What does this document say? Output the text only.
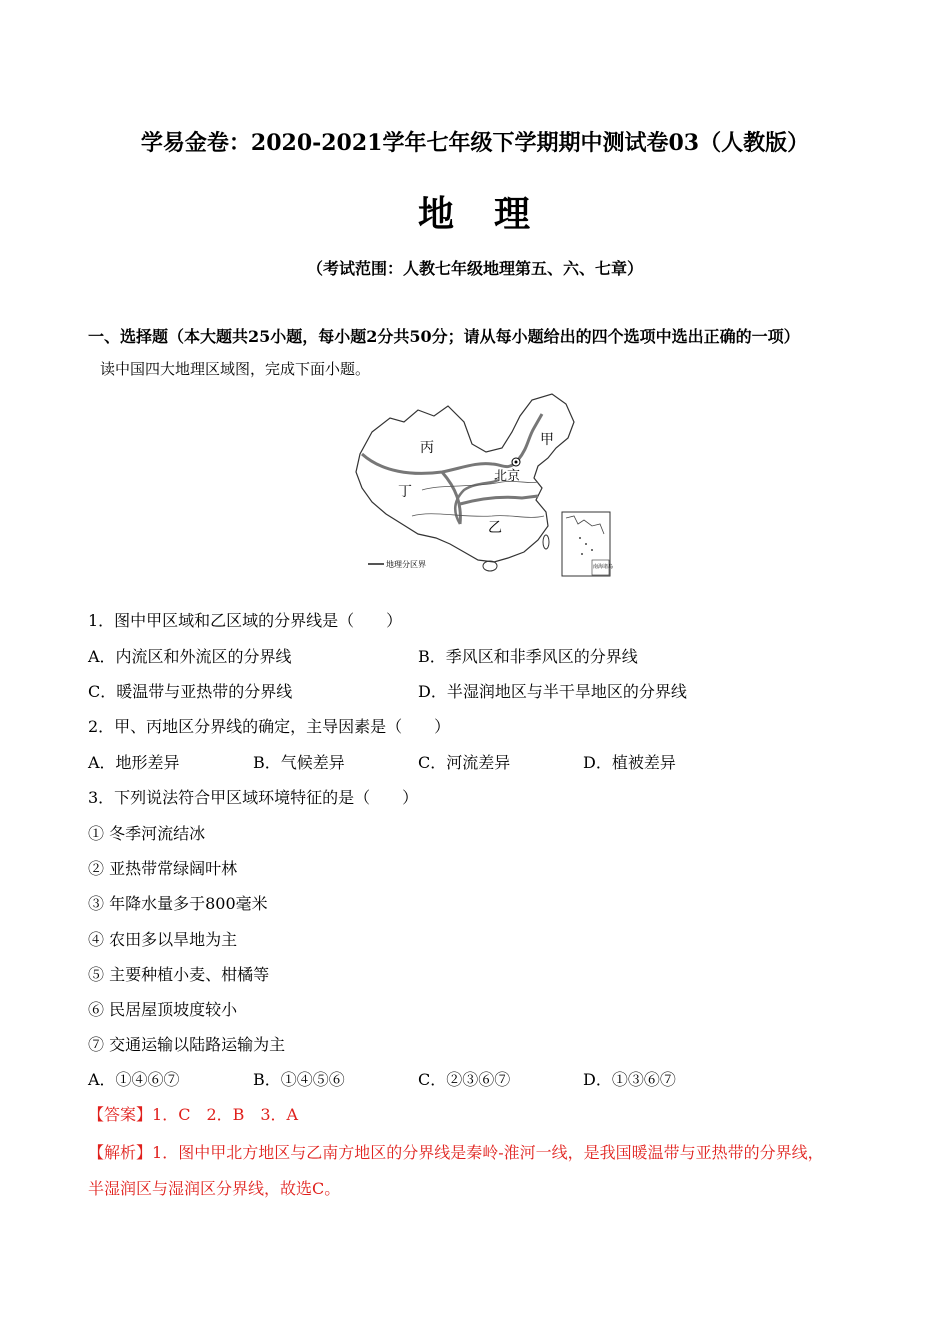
学易金卷：2020-2021学年七年级下学期期中测试卷03（人教版）
地　理
（考试范围：人教七年级地理第五、六、七章）
一、选择题（本大题共25小题，每小题2分共50分；请从每小题给出的四个选项中选出正确的一项）
读中国四大地理区域图，完成下面小题。
南海诸岛
丙	甲
北京
丁
乙
地理分区界
1．图中甲区域和乙区域的分界线是（　　）
A．内流区和外流区的分界线	B．季风区和非季风区的分界线
C．暖温带与亚热带的分界线	D．半湿润地区与半干旱地区的分界线
2．甲、丙地区分界线的确定，主导因素是（　　）
A．地形差异	B．气候差异	C．河流差异	D．植被差异
3．下列说法符合甲区域环境特征的是（　　）
① 冬季河流结冰
② 亚热带常绿阔叶林
③ 年降水量多于800毫米
④ 农田多以旱地为主
⑤ 主要种植小麦、柑橘等
⑥ 民居屋顶坡度较小
⑦ 交通运输以陆路运输为主
A．①④⑥⑦	B．①④⑤⑥	C．②③⑥⑦	D．①③⑥⑦
【答案】1．C　2．B　3．A
【解析】1．图中甲北方地区与乙南方地区的分界线是秦岭-淮河一线，是我国暖温带与亚热带的分界线，
半湿润区与湿润区分界线，故选C。
